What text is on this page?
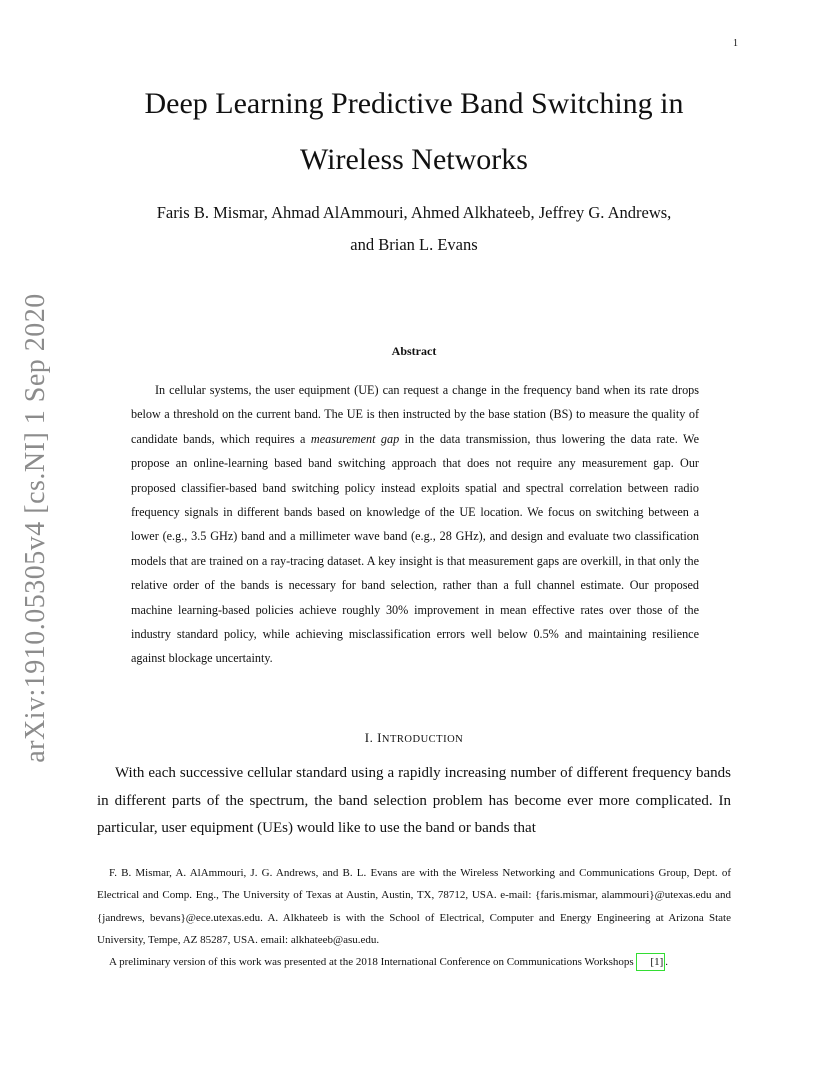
1
arXiv:1910.05305v4 [cs.NI] 1 Sep 2020
Deep Learning Predictive Band Switching in
Wireless Networks
Faris B. Mismar, Ahmad AlAmmouri, Ahmed Alkhateeb, Jeffrey G. Andrews,
and Brian L. Evans
Abstract

In cellular systems, the user equipment (UE) can request a change in the frequency band when its rate drops below a threshold on the current band. The UE is then instructed by the base station (BS) to measure the quality of candidate bands, which requires a measurement gap in the data transmission, thus lowering the data rate. We propose an online-learning based band switching approach that does not require any measurement gap. Our proposed classifier-based band switching policy instead exploits spatial and spectral correlation between radio frequency signals in different bands based on knowledge of the UE location. We focus on switching between a lower (e.g., 3.5 GHz) band and a millimeter wave band (e.g., 28 GHz), and design and evaluate two classification models that are trained on a ray-tracing dataset. A key insight is that measurement gaps are overkill, in that only the relative order of the bands is necessary for band selection, rather than a full channel estimate. Our proposed machine learning-based policies achieve roughly 30% improvement in mean effective rates over those of the industry standard policy, while achieving misclassification errors well below 0.5% and maintaining resilience against blockage uncertainty.

I. INTRODUCTION

With each successive cellular standard using a rapidly increasing number of different frequency bands in different parts of the spectrum, the band selection problem has become ever more complicated. In particular, user equipment (UEs) would like to use the band or bands that

F. B. Mismar, A. AlAmmouri, J. G. Andrews, and B. L. Evans are with the Wireless Networking and Communications Group, Dept. of Electrical and Comp. Eng., The University of Texas at Austin, Austin, TX, 78712, USA. e-mail: {faris.mismar, alammouri}@utexas.edu and {jandrews, bevans}@ece.utexas.edu. A. Alkhateeb is with the School of Electrical, Computer and Energy Engineering at Arizona State University, Tempe, AZ 85287, USA. email: alkhateeb@asu.edu.

A preliminary version of this work was presented at the 2018 International Conference on Communications Workshops [1] .
